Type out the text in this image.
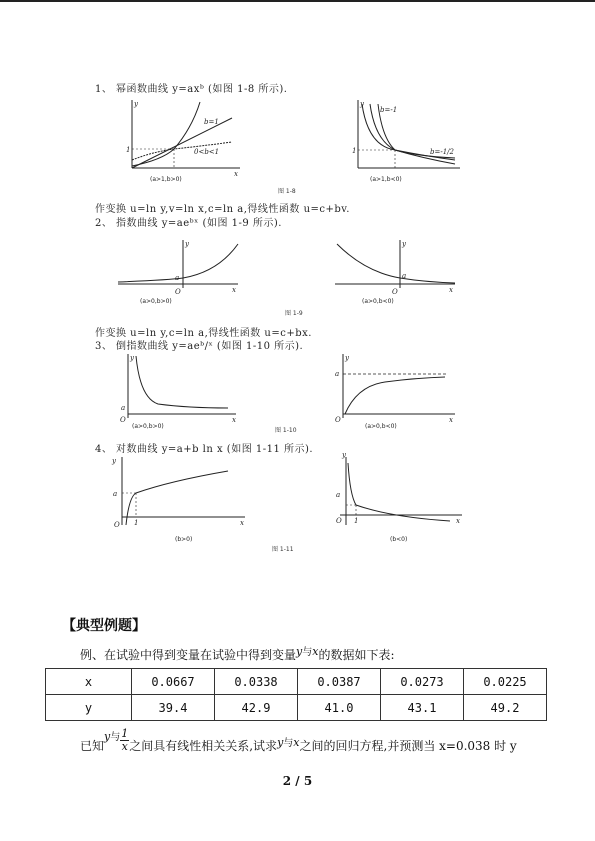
1、 幂函数曲线 y=axᵇ (如图 1-8 所示).
y
x
1
b=1
0<b<1
(a>1,b>0)
y
1
b=-1
b=-1/2
(a>1,b<0)
图 1-8
作变换 u=ln y,v=ln x,c=ln a,得线性函数 u=c+bv.
2、 指数曲线 y=aeᵇˣ (如图 1-9 所示).
y
x
O
a
(a>0,b>0)
y
x
O
a
(a>0,b<0)
图 1-9
作变换 u=ln y,c=ln a,得线性函数 u=c+bx.
3、 倒指数曲线 y=aeᵇ/ˣ (如图 1-10 所示).
y
x
O
a
(a>0,b>0)
y
x
O
a
(a>0,b<0)
图 1-10
4、 对数曲线 y=a+b ln x (如图 1-11 所示).
y
x
O
a
1
(b>0)
y
x
O
a
1
(b<0)
图 1-11
【典型例题】
例、在试验中得到变量在试验中得到变量$y^与x$的数据如下表:
x	0.0667	0.0338	0.0387	0.0273	0.0225
y	39.4	42.9	41.0	43.1	49.2
已知$y^与 \frac{1}{x}$之间具有线性相关关系,试求$y^与x$之间的回归方程,并预测当 x=0.038 时 y
2 / 5
